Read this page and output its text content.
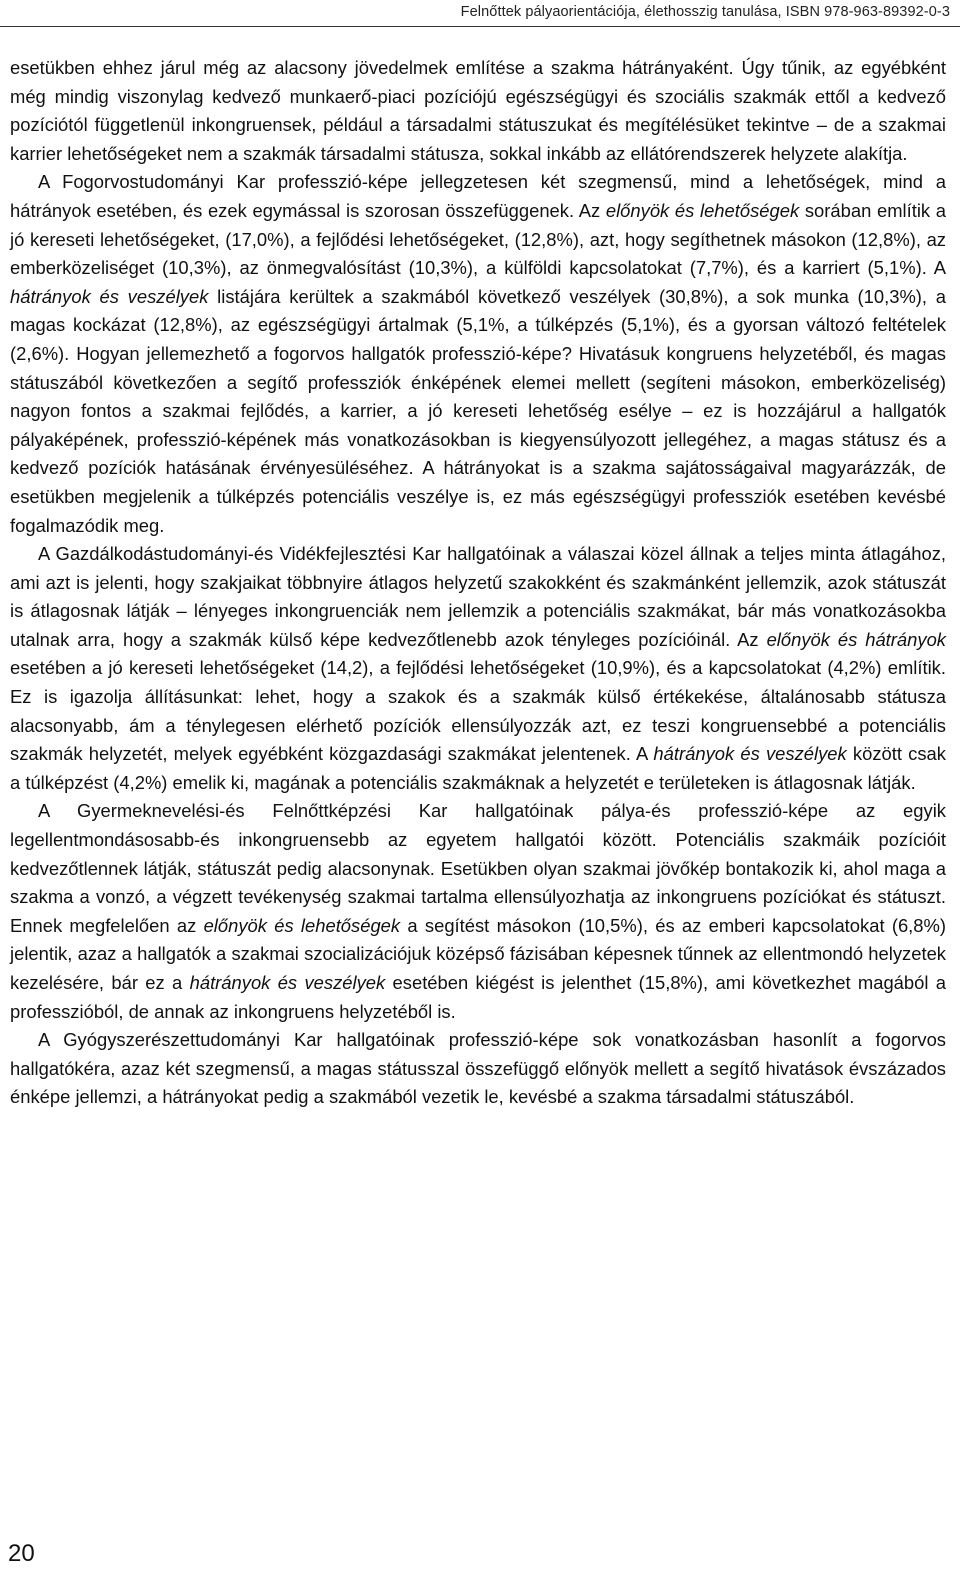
Felnőttek pályaorientációja, élethosszig tanulása, ISBN 978-963-89392-0-3

esetükben ehhez járul még az alacsony jövedelmek említése a szakma hátrányaként. Úgy tűnik, az egyébként még mindig viszonylag kedvező munkaerő-piaci pozíciójú egészségügyi és szociális szakmák ettől a kedvező pozíciótól függetlenül inkongruensek, például a társadalmi státuszukat és megítélésüket tekintve – de a szakmai karrier lehetőségeket nem a szakmák társadalmi státusza, sokkal inkább az ellátórendszerek helyzete alakítja.

A Fogorvostudományi Kar professzió-képe jellegzetesen két szegmensű, mind a lehetőségek, mind a hátrányok esetében, és ezek egymással is szorosan összefüggenek. Az előnyök és lehetőségek sorában említik a jó kereseti lehetőségeket, (17,0%), a fejlődési lehetőségeket, (12,8%), azt, hogy segíthetnek másokon (12,8%), az emberközeliséget (10,3%), az önmegvalósítást (10,3%), a külföldi kapcsolatokat (7,7%), és a karriert (5,1%). A hátrányok és veszélyek listájára kerültek a szakmából következő veszélyek (30,8%), a sok munka (10,3%), a magas kockázat (12,8%), az egészségügyi ártalmak (5,1%, a túlképzés (5,1%), és a gyorsan változó feltételek (2,6%). Hogyan jellemezhető a fogorvos hallgatók professzió-képe? Hivatásuk kongruens helyzetéből, és magas státuszából következően a segítő professziók énképének elemei mellett (segíteni másokon, emberközeliség) nagyon fontos a szakmai fejlődés, a karrier, a jó kereseti lehetőség esélye – ez is hozzájárul a hallgatók pályaképének, professzió-képének más vonatkozásokban is kiegyensúlyozott jellegéhez, a magas státusz és a kedvező pozíciók hatásának érvényesüléséhez. A hátrányokat is a szakma sajátosságaival magyarázzák, de esetükben megjelenik a túlképzés potenciális veszélye is, ez más egészségügyi professziók esetében kevésbé fogalmazódik meg.

A Gazdálkodástudományi-és Vidékfejlesztési Kar hallgatóinak a válaszai közel állnak a teljes minta átlagához, ami azt is jelenti, hogy szakjaikat többnyire átlagos helyzetű szakokként és szakmánként jellemzik, azok státuszát is átlagosnak látják – lényeges inkongruenciák nem jellemzik a potenciális szakmákat, bár más vonatkozásokba utalnak arra, hogy a szakmák külső képe kedvezőtlenebb azok tényleges pozícióinál. Az előnyök és hátrányok esetében a jó kereseti lehetőségeket (14,2), a fejlődési lehetőségeket (10,9%), és a kapcsolatokat (4,2%) említik. Ez is igazolja állításunkat: lehet, hogy a szakok és a szakmák külső értékekése, általánosabb státusza alacsonyabb, ám a ténylegesen elérhető pozíciók ellensúlyozzák azt, ez teszi kongruensebbé a potenciális szakmák helyzetét, melyek egyébként közgazdasági szakmákat jelentenek. A hátrányok és veszélyek között csak a túlképzést (4,2%) emelik ki, magának a potenciális szakmáknak a helyzetét e területeken is átlagosnak látják.

A Gyermeknevelési-és Felnőttképzési Kar hallgatóinak pálya-és professzió-képe az egyik legellentmondásosabb-és inkongruensebb az egyetem hallgatói között. Potenciális szakmáik pozícióit kedvezőtlennek látják, státuszát pedig alacsonynak. Esetükben olyan szakmai jövőkép bontakozik ki, ahol maga a szakma a vonzó, a végzett tevékenység szakmai tartalma ellensúlyozhatja az inkongruens pozíciókat és státuszt. Ennek megfelelően az előnyök és lehetőségek a segítést másokon (10,5%), és az emberi kapcsolatokat (6,8%) jelentik, azaz a hallgatók a szakmai szocializációjuk középső fázisában képesnek tűnnek az ellentmondó helyzetek kezelésére, bár ez a hátrányok és veszélyek esetében kiégést is jelenthet (15,8%), ami következhet magából a professzióból, de annak az inkongruens helyzetéből is.

A Gyógyszerészettudományi Kar hallgatóinak professzió-képe sok vonatkozásban hasonlít a fogorvos hallgatókéra, azaz két szegmensű, a magas státusszal összefüggő előnyök mellett a segítő hivatások évszázados énképe jellemzi, a hátrányokat pedig a szakmából vezetik le, kevésbé a szakma társadalmi státuszából.

20
